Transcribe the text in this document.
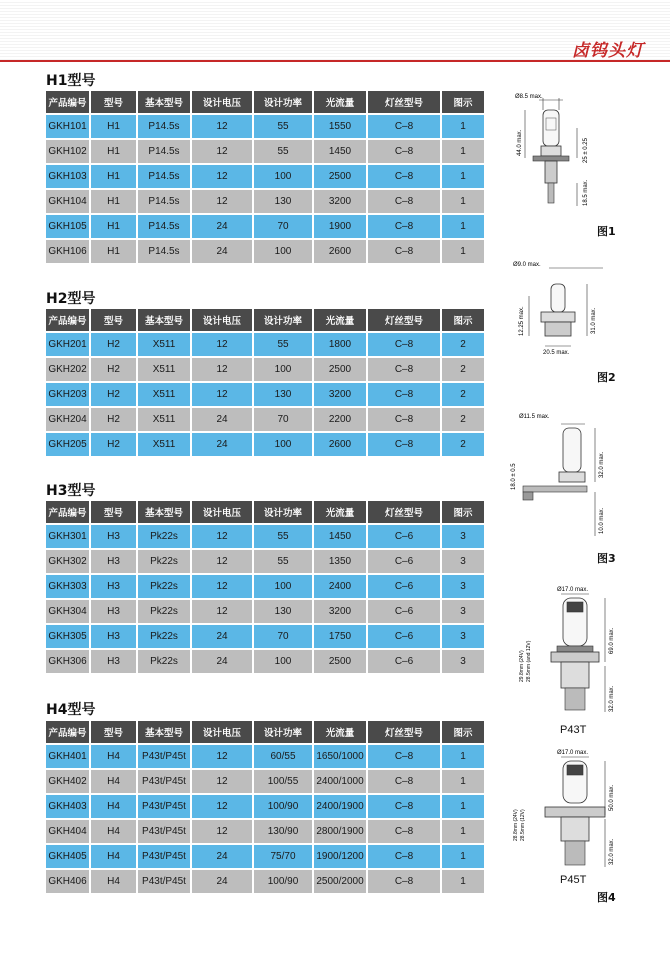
卤钨头灯
H1型号
H2型号
H3型号
H4型号
产品编号	型号	基本型号	设计电压	设计功率	光流量	灯丝型号	图示
GKH101	H1	P14.5s	12	55	1550	C–8	1
GKH102	H1	P14.5s	12	55	1450	C–8	1
GKH103	H1	P14.5s	12	100	2500	C–8	1
GKH104	H1	P14.5s	12	130	3200	C–8	1
GKH105	H1	P14.5s	24	70	1900	C–8	1
GKH106	H1	P14.5s	24	100	2600	C–8	1
产品编号	型号	基本型号	设计电压	设计功率	光流量	灯丝型号	图示
GKH201	H2	X511	12	55	1800	C–8	2
GKH202	H2	X511	12	100	2500	C–8	2
GKH203	H2	X511	12	130	3200	C–8	2
GKH204	H2	X511	24	70	2200	C–8	2
GKH205	H2	X511	24	100	2600	C–8	2
产品编号	型号	基本型号	设计电压	设计功率	光流量	灯丝型号	图示
GKH301	H3	Pk22s	12	55	1450	C–6	3
GKH302	H3	Pk22s	12	55	1350	C–6	3
GKH303	H3	Pk22s	12	100	2400	C–6	3
GKH304	H3	Pk22s	12	130	3200	C–6	3
GKH305	H3	Pk22s	24	70	1750	C–6	3
GKH306	H3	Pk22s	24	100	2500	C–6	3
产品编号	型号	基本型号	设计电压	设计功率	光流量	灯丝型号	图示
GKH401	H4	P43t/P45t	12	60/55	1650/1000	C–8	1
GKH402	H4	P43t/P45t	12	100/55	2400/1000	C–8	1
GKH403	H4	P43t/P45t	12	100/90	2400/1900	C–8	1
GKH404	H4	P43t/P45t	12	130/90	2800/1900	C–8	1
GKH405	H4	P43t/P45t	24	75/70	1900/1200	C–8	1
GKH406	H4	P43t/P45t	24	100/90	2500/2000	C–8	1
Ø8.5 max.
44.0 max.	25 ± 0.25
18.5 max.
图1
Ø9.0 max.
12.25 max.	31.0 max.
20.5 max.
图2
Ø11.5 max.
18.0 ± 0.5	32.0 max.
10.0 max.
图3
Ø17.0 max.
29.8mm (24V) 28.5mm (and 12V)	69.0 max.
32.0 max.
P43T
Ø17.0 max.
28.8mm (24V) 28.5mm (12V)
50.0 max.
32.0 max.
P45T
图4
